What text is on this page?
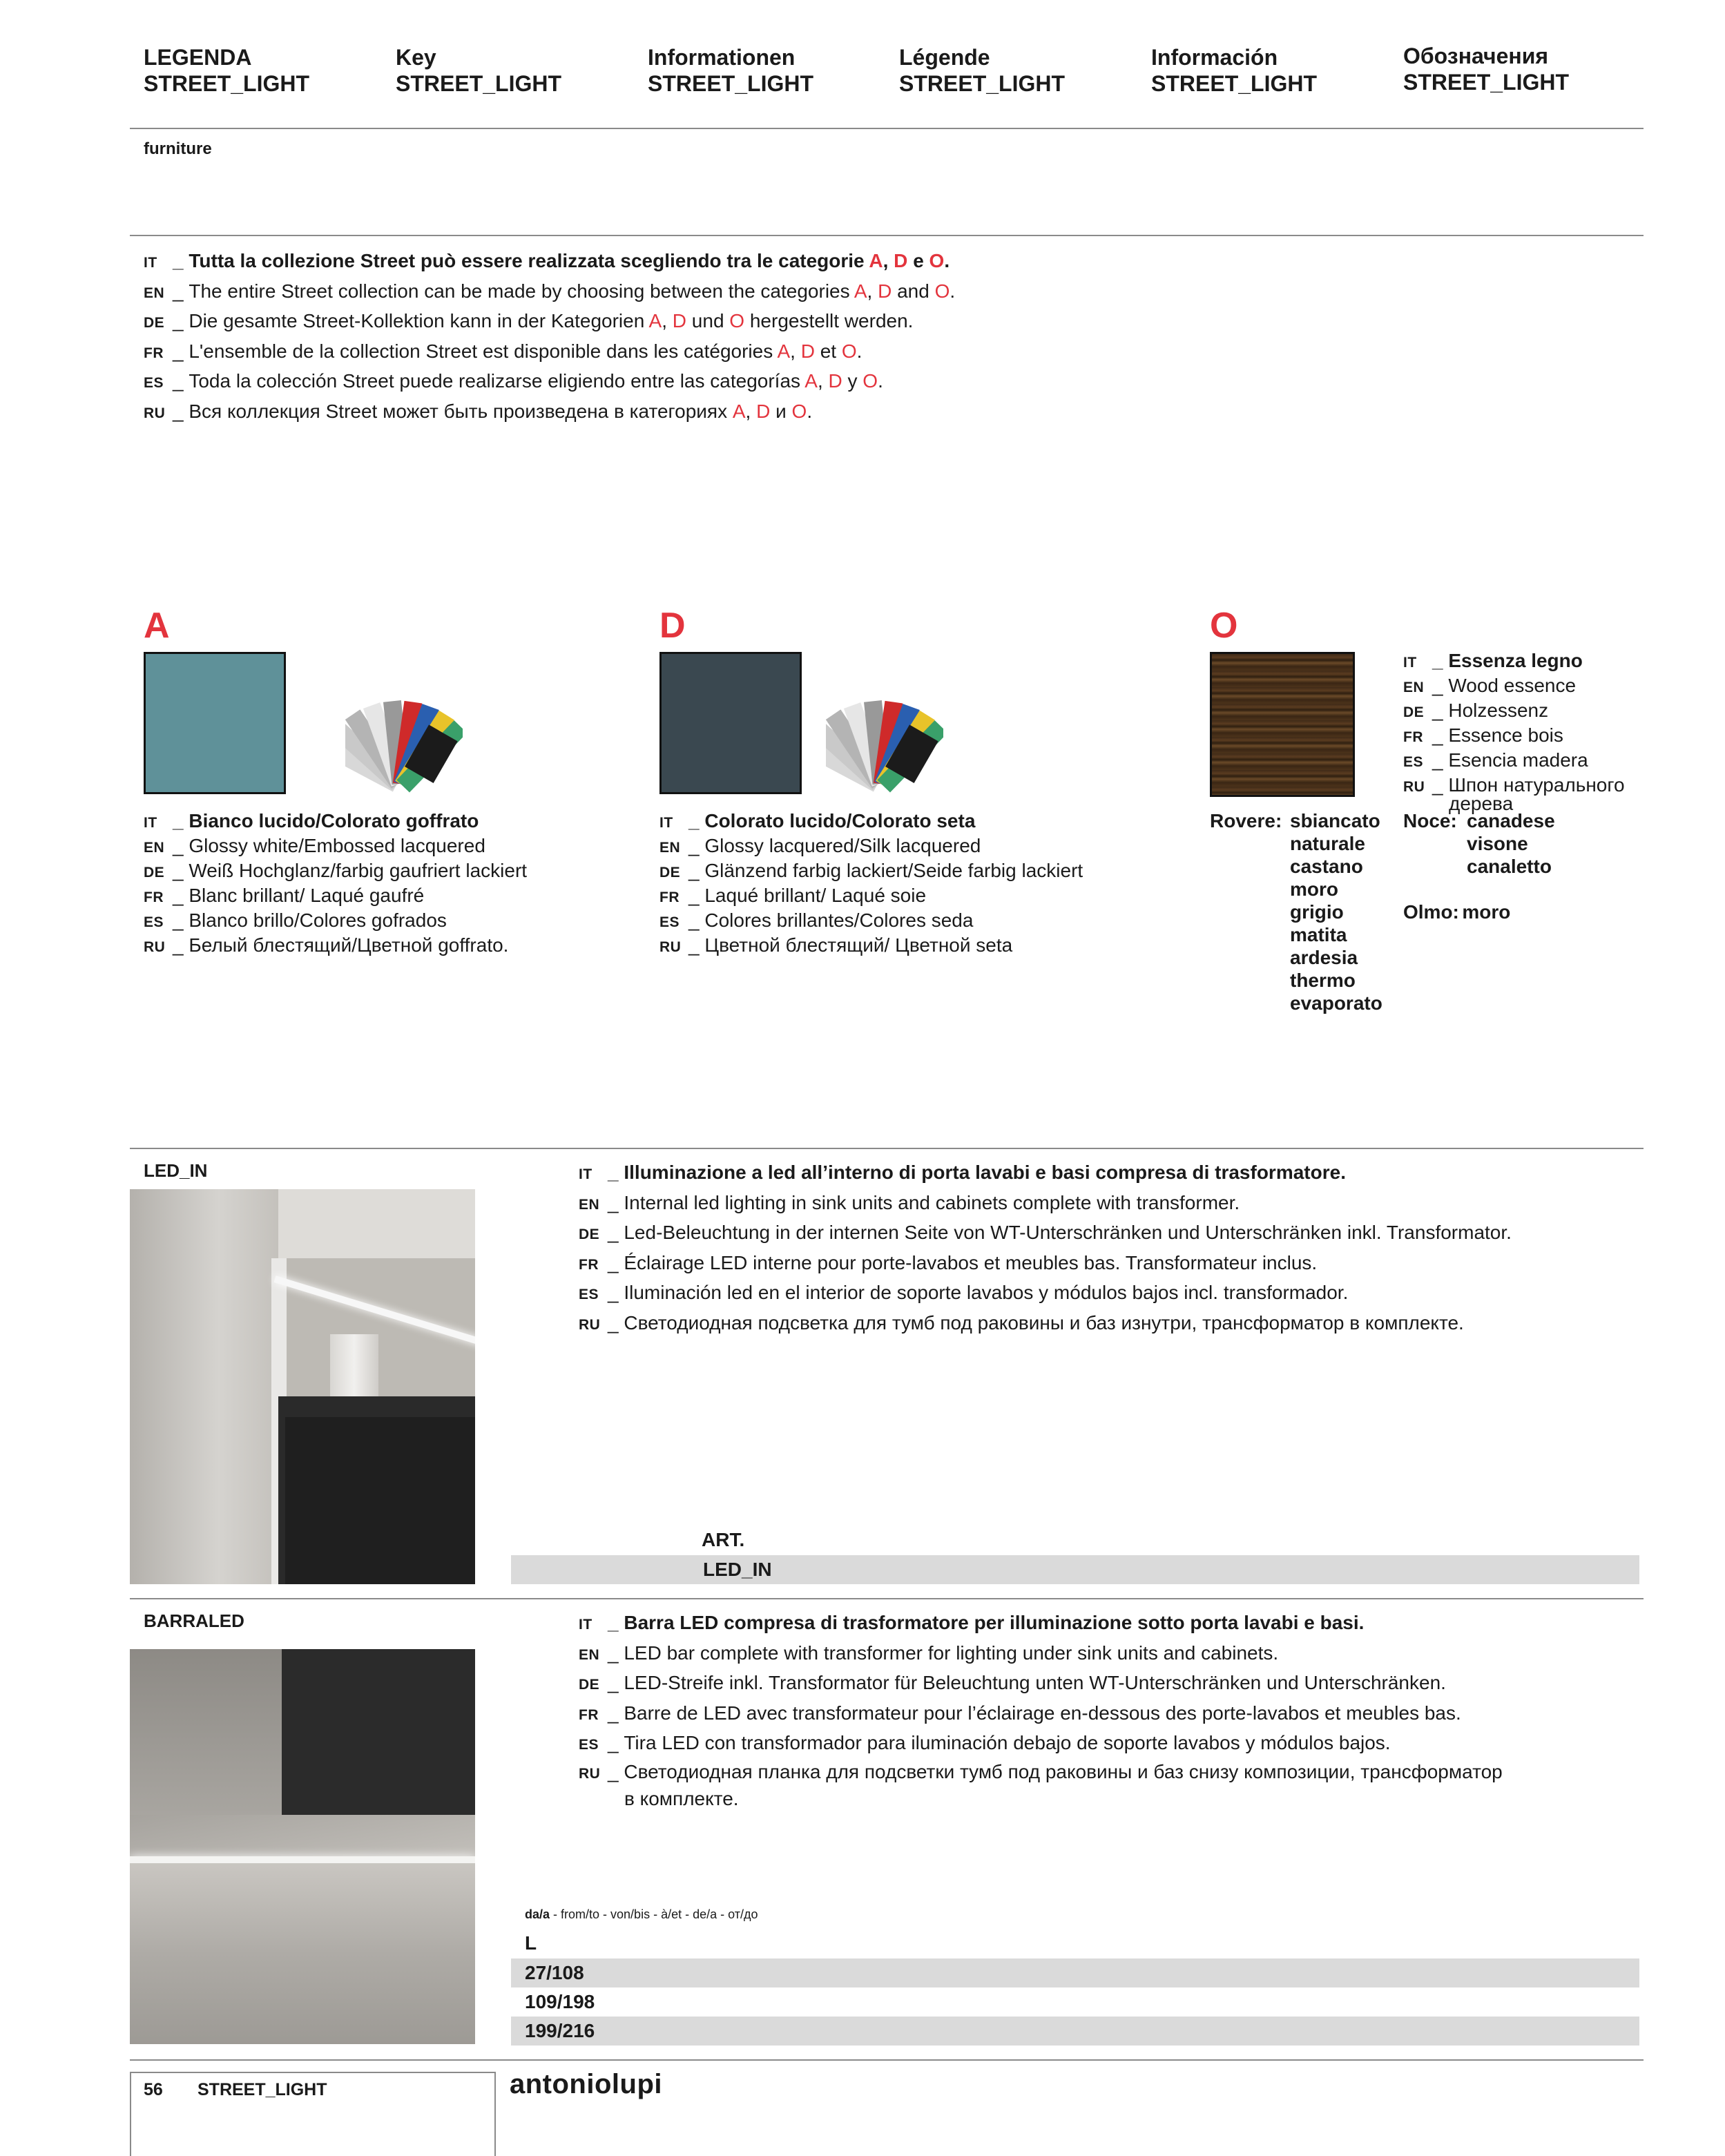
LEGENDA
STREET_LIGHT
Key
STREET_LIGHT
Informationen
STREET_LIGHT
Légende
STREET_LIGHT
Información
STREET_LIGHT
Обозначения
STREET_LIGHT
furniture
IT _ Tutta la collezione Street può essere realizzata scegliendo tra le categorie A, D e O.
EN _ The entire Street collection can be made by choosing between the categories A, D and O.
DE _ Die gesamte Street-Kollektion kann in der Kategorien A, D und O hergestellt werden.
FR _ L'ensemble de la collection Street est disponible dans les catégories A, D et O.
ES _ Toda la colección Street puede realizarse eligiendo entre las categorías A, D y O.
RU _ Вся коллекция Street может быть произведена в категориях A, D и O.
A
IT _ Bianco lucido/Colorato goffrato
EN _ Glossy white/Embossed lacquered
DE _ Weiß Hochglanz/farbig gaufriert lackiert
FR _ Blanc brillant/ Laqué gaufré
ES _ Blanco brillo/Colores gofrados
RU _ Белый блестящий/Цветной goffrato.
D
IT _ Colorato lucido/Colorato seta
EN _ Glossy lacquered/Silk lacquered
DE _ Glänzend farbig lackiert/Seide farbig lackiert
FR _ Laqué brillant/ Laqué soie
ES _ Colores brillantes/Colores seda
RU _ Цветной блестящий/ Цветной seta
O
IT _ Essenza legno
EN _ Wood essence
DE _ Holzessenz
FR _ Essence bois
ES _ Esencia madera
RU _ Шпон натурального
дерева
Rovere: sbiancato
naturale
castano
moro
grigio
matita
ardesia
thermo
evaporato
Noce: canadese
visone
canaletto
Olmo: moro
LED_IN	IT _ Illuminazione a led all’interno di porta lavabi e basi compresa di trasformatore.
EN _ Internal led lighting in sink units and cabinets complete with transformer.
DE _ Led-Beleuchtung in der internen Seite von WT-Unterschränken und Unterschränken inkl. Transformator.
FR _ Éclairage LED interne pour porte-lavabos et meubles bas. Transformateur inclus.
ES _ Iluminación led en el interior de soporte lavabos y módulos bajos incl. transformador.
RU _ Светодиодная подсветка для тумб под раковины и баз изнутри, трансформатор в комплекте.
ART.
LED_IN
BARRALED	IT _ Barra LED compresa di trasformatore per illuminazione sotto porta lavabi e basi.
EN _ LED bar complete with transformer for lighting under sink units and cabinets.
DE _ LED-Streife inkl. Transformator für Beleuchtung unten WT-Unterschränken und Unterschränken.
FR _ Barre de LED avec transformateur pour l’éclairage en-dessous des porte-lavabos et meubles bas.
ES _ Tira LED con transformador para iluminación debajo de soporte lavabos y módulos bajos.
RU _ Светодиодная планка для подсветки тумб под раковины и баз снизу композиции, трансформатор
в комплекте.
da/a - from/to - von/bis - à/et - de/a - от/до
L
27/108
109/198
199/216
56 STREET_LIGHT	antoniolupi
